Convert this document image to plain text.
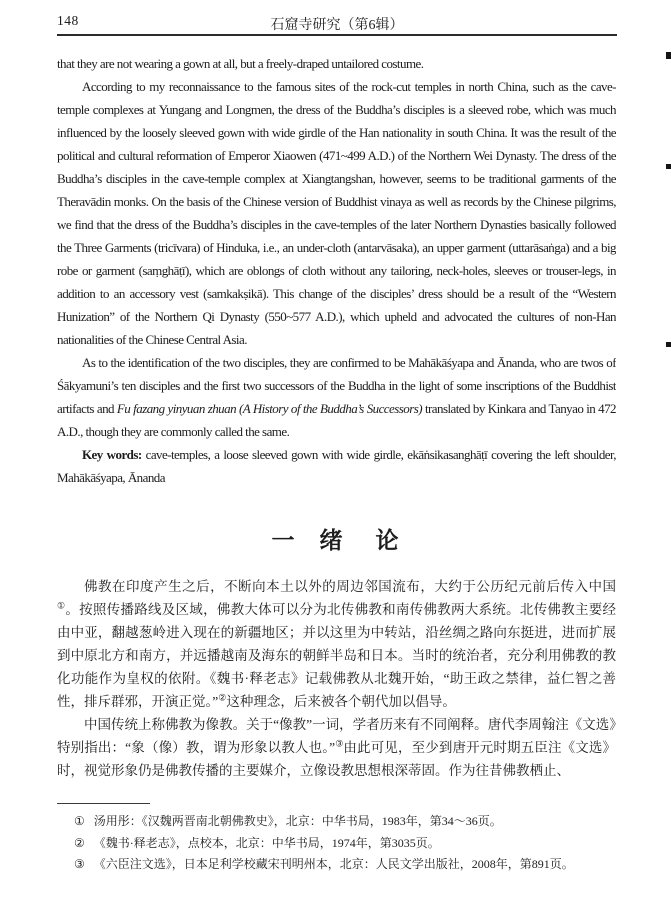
148	石窟寺研究（第6辑）

that they are not wearing a gown at all, but a freely-draped untailored costume.

According to my reconnaissance to the famous sites of the rock-cut temples in north China, such as the cave-temple complexes at Yungang and Longmen, the dress of the Buddha’s disciples is a sleeved robe, which was much influenced by the loosely sleeved gown with wide girdle of the Han nationality in south China. It was the result of the political and cultural reformation of Emperor Xiaowen (471~499 A.D.) of the Northern Wei Dynasty. The dress of the Buddha’s disciples in the cave-temple complex at Xiangtangshan, however, seems to be traditional garments of the Theravādin monks. On the basis of the Chinese version of Buddhist vinaya as well as records by the Chinese pilgrims, we find that the dress of the Buddha’s disciples in the cave-temples of the later Northern Dynasties basically followed the Three Garments (tricīvara) of Hinduka, i.e., an under-cloth (antarvāsaka), an upper garment (uttarāsaṅga) and a big robe or garment (saṃghāṭī), which are oblongs of cloth without any tailoring, neck-holes, sleeves or trouser-legs, in addition to an accessory vest (samkakṣikā). This change of the disciples’ dress should be a result of the “Western Hunization” of the Northern Qi Dynasty (550~577 A.D.), which upheld and advocated the cultures of non-Han nationalities of the Chinese Central Asia.

As to the identification of the two disciples, they are confirmed to be Mahākāśyapa and Ānanda, who are twos of Śākyamuni’s ten disciples and the first two successors of the Buddha in the light of some inscriptions of the Buddhist artifacts and Fu fazang yinyuan zhuan (A History of the Buddha’s Successors) translated by Kinkara and Tanyao in 472 A.D., though they are commonly called the same.

Key words: cave-temples, a loose sleeved gown with wide girdle, ekāṅsikasanghāṭī covering the left shoulder, Mahākāśyapa, Ānanda

一 绪 论

佛教在印度产生之后，不断向本土以外的周边邻国流布，大约于公历纪元前后传入中国①。按照传播路线及区域，佛教大体可以分为北传佛教和南传佛教两大系统。北传佛教主要经由中亚，翻越葱岭进入现在的新疆地区；并以这里为中转站，沿丝绸之路向东挺进，进而扩展到中原北方和南方，并远播越南及海东的朝鲜半岛和日本。当时的统治者，充分利用佛教的教化功能作为皇权的依附。《魏书·释老志》记载佛教从北魏开始，“助王政之禁律，益仁智之善性，排斥群邪，开演正觉。”②这种理念，后来被各个朝代加以倡导。

中国传统上称佛教为像教。关于“像教”一词，学者历来有不同阐释。唐代李周翰注《文选》特别指出：“象（像）教，谓为形象以教人也。”③由此可见，至少到唐开元时期五臣注《文选》时，视觉形象仍是佛教传播的主要媒介，立像设教思想根深蒂固。作为往昔佛教栖止、

① 汤用彤：《汉魏两晋南北朝佛教史》，北京：中华书局，1983年，第34～36页。
② 《魏书·释老志》，点校本，北京：中华书局，1974年，第3035页。
③ 《六臣注文选》，日本足利学校藏宋刊明州本，北京：人民文学出版社，2008年，第891页。
